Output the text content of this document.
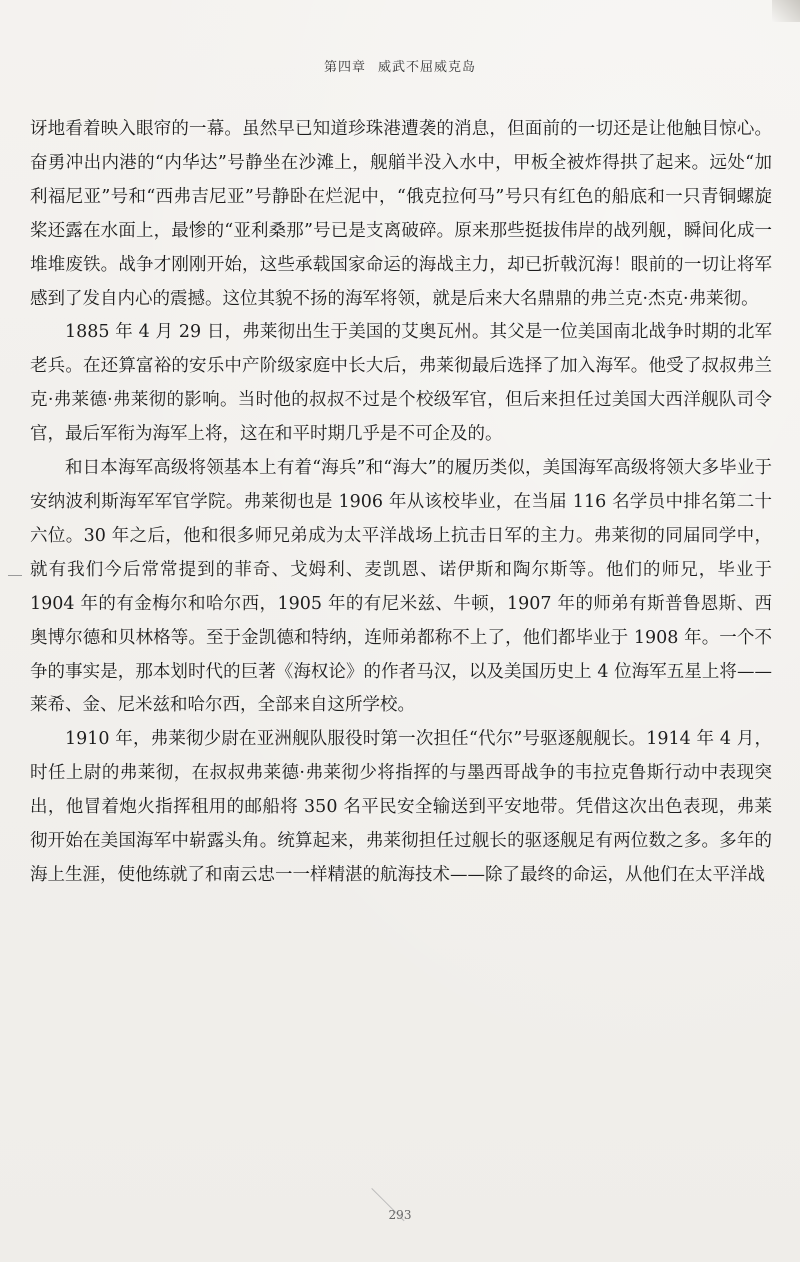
第四章 威武不屈威克岛

讶地看着映入眼帘的一幕。虽然早已知道珍珠港遭袭的消息，但面前的一切还是让他触目惊心。奋勇冲出内港的“内华达”号静坐在沙滩上，舰艏半没入水中，甲板全被炸得拱了起来。远处“加利福尼亚”号和“西弗吉尼亚”号静卧在烂泥中，“俄克拉何马”号只有红色的船底和一只青铜螺旋桨还露在水面上，最惨的“亚利桑那”号已是支离破碎。原来那些挺拔伟岸的战列舰，瞬间化成一堆堆废铁。战争才刚刚开始，这些承载国家命运的海战主力，却已折戟沉海！眼前的一切让将军感到了发自内心的震撼。这位其貌不扬的海军将领，就是后来大名鼎鼎的弗兰克·杰克·弗莱彻。

1885 年 4 月 29 日，弗莱彻出生于美国的艾奥瓦州。其父是一位美国南北战争时期的北军老兵。在还算富裕的安乐中产阶级家庭中长大后，弗莱彻最后选择了加入海军。他受了叔叔弗兰克·弗莱德·弗莱彻的影响。当时他的叔叔不过是个校级军官，但后来担任过美国大西洋舰队司令官，最后军衔为海军上将，这在和平时期几乎是不可企及的。

和日本海军高级将领基本上有着“海兵”和“海大”的履历类似，美国海军高级将领大多毕业于安纳波利斯海军军官学院。弗莱彻也是 1906 年从该校毕业，在当届 116 名学员中排名第二十六位。30 年之后，他和很多师兄弟成为太平洋战场上抗击日军的主力。弗莱彻的同届同学中，就有我们今后常常提到的菲奇、戈姆利、麦凯恩、诺伊斯和陶尔斯等。他们的师兄，毕业于 1904 年的有金梅尔和哈尔西，1905 年的有尼米兹、牛顿，1907 年的师弟有斯普鲁恩斯、西奥博尔德和贝林格等。至于金凯德和特纳，连师弟都称不上了，他们都毕业于 1908 年。一个不争的事实是，那本划时代的巨著《海权论》的作者马汉，以及美国历史上 4 位海军五星上将——莱希、金、尼米兹和哈尔西，全部来自这所学校。

1910 年，弗莱彻少尉在亚洲舰队服役时第一次担任“代尔”号驱逐舰舰长。1914 年 4 月，时任上尉的弗莱彻，在叔叔弗莱德·弗莱彻少将指挥的与墨西哥战争的韦拉克鲁斯行动中表现突出，他冒着炮火指挥租用的邮船将 350 名平民安全输送到平安地带。凭借这次出色表现，弗莱彻开始在美国海军中崭露头角。统算起来，弗莱彻担任过舰长的驱逐舰足有两位数之多。多年的海上生涯，使他练就了和南云忠一一样精湛的航海技术——除了最终的命运，从他们在太平洋战

293
